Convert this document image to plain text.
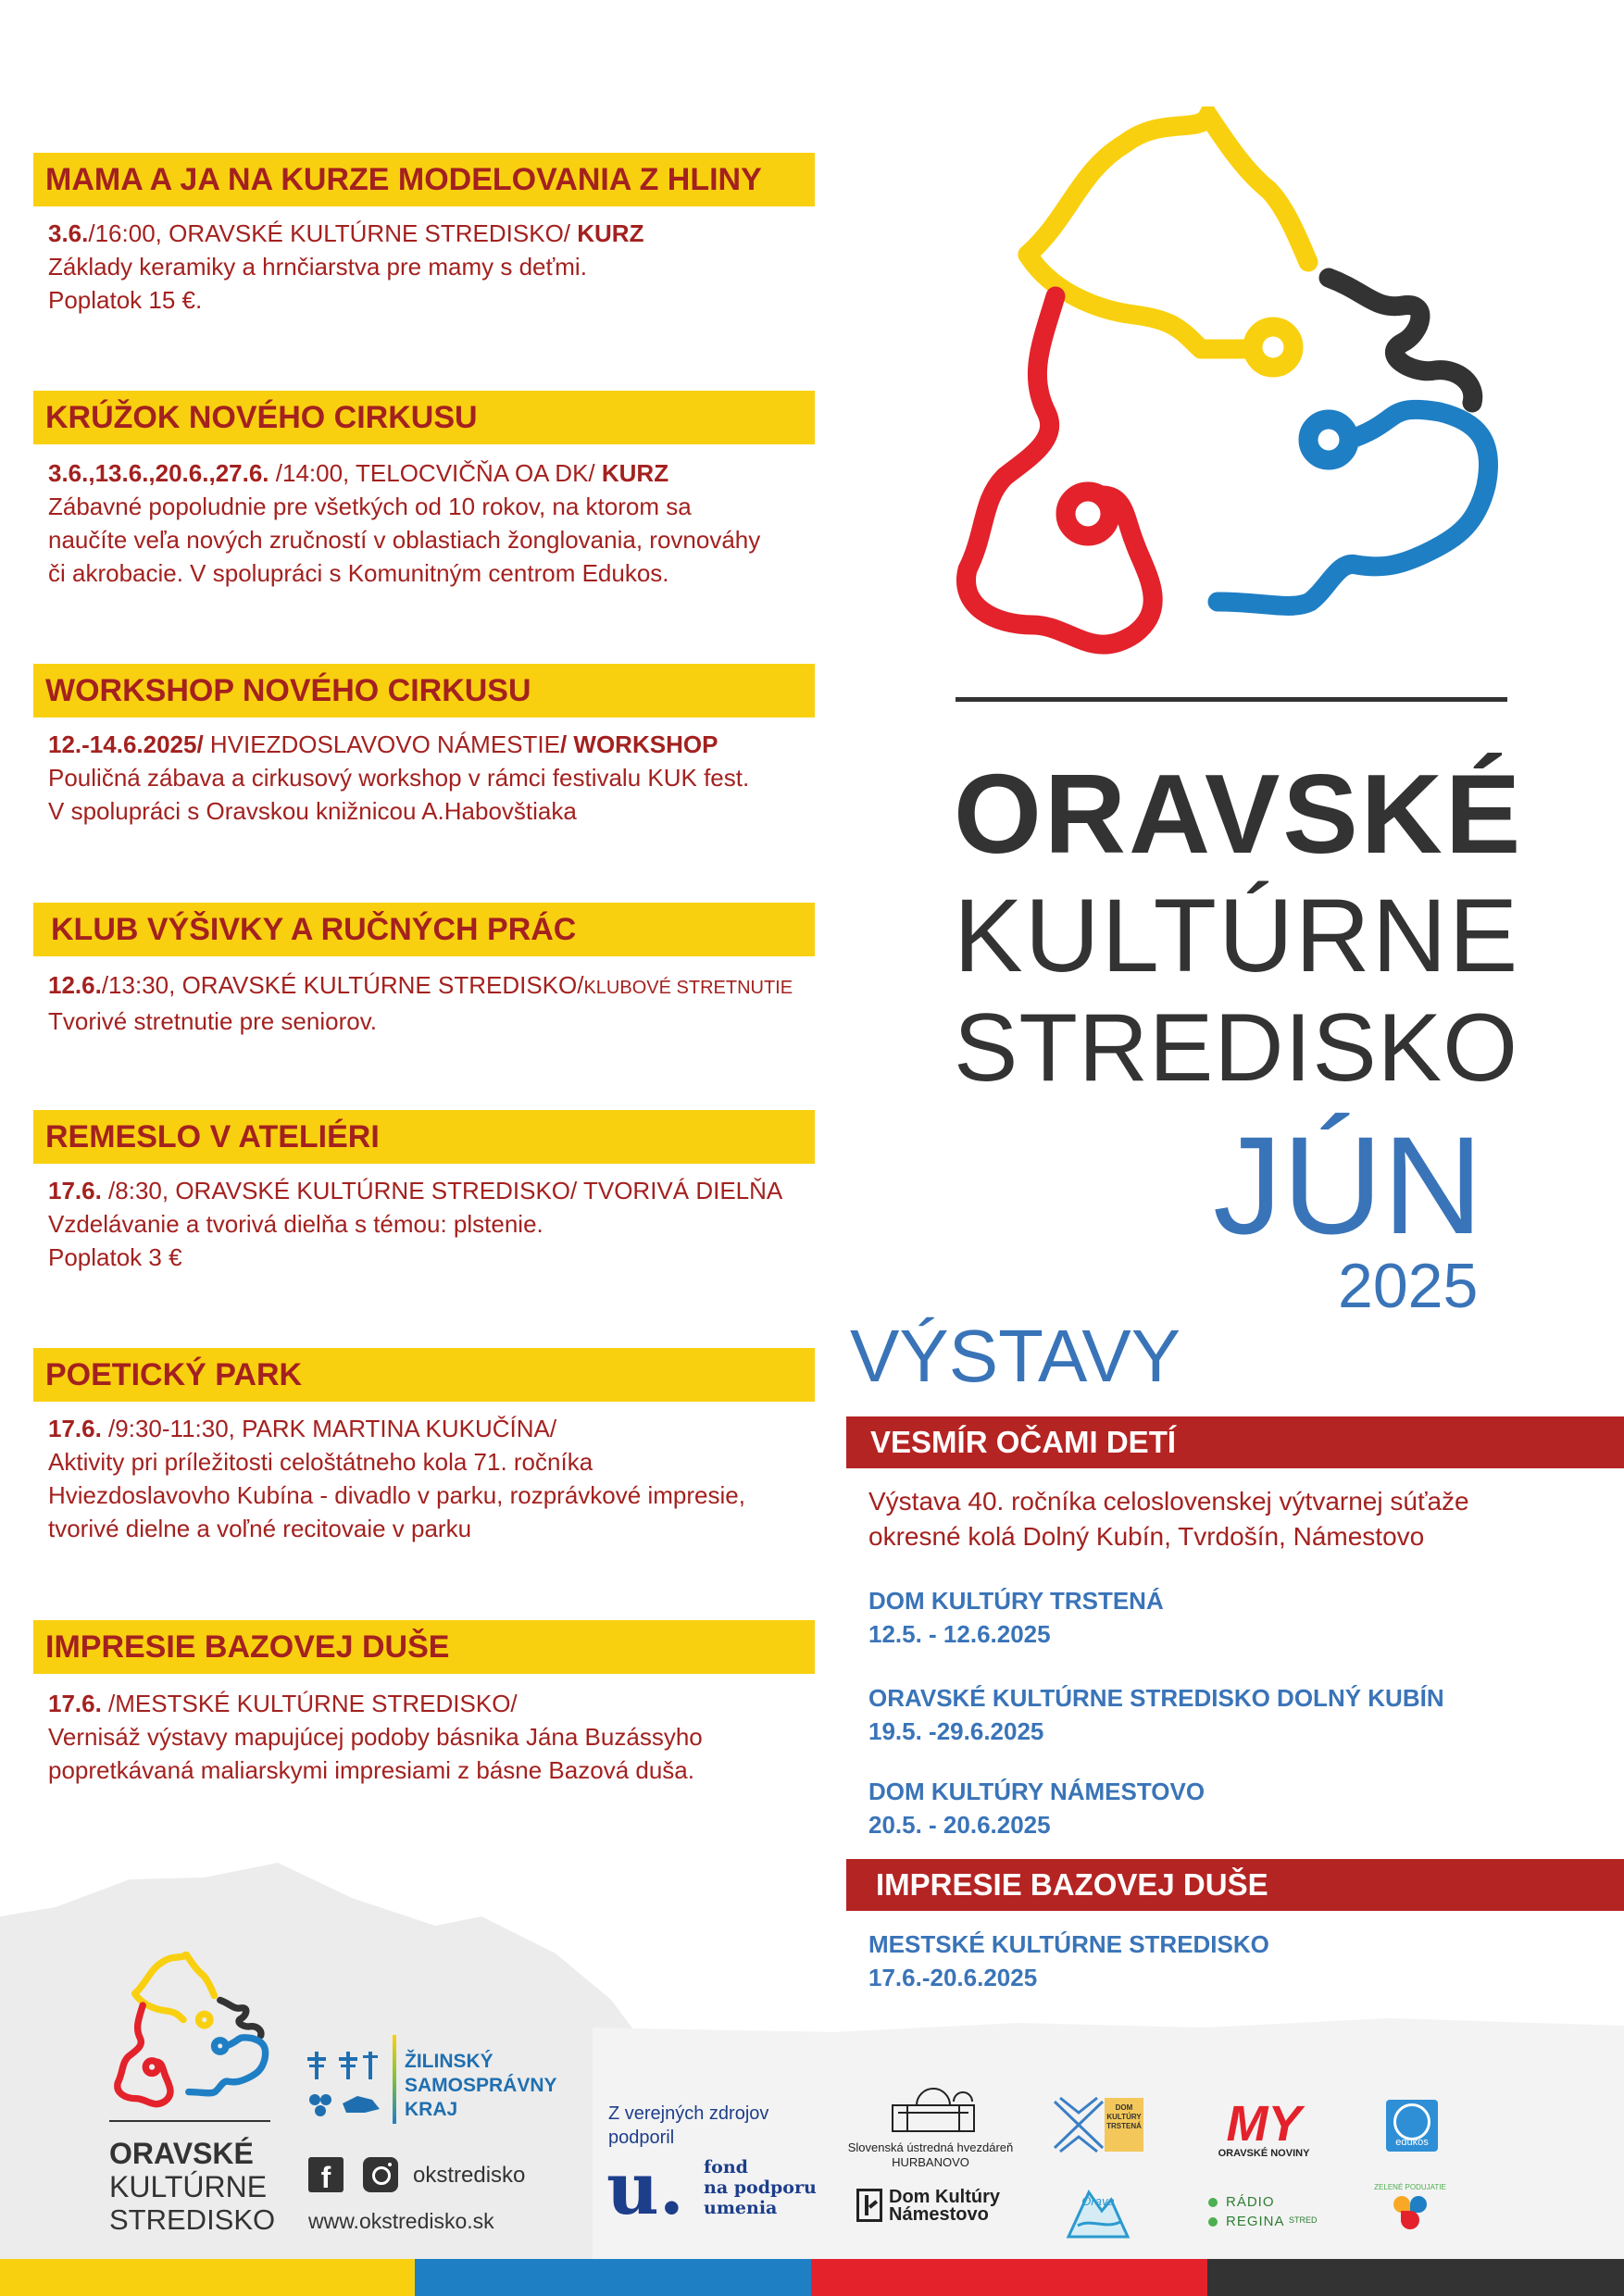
MAMA A JA NA KURZE MODELOVANIA Z HLINY
3.6./16:00, ORAVSKÉ KULTÚRNE STREDISKO/ KURZ

Základy keramiky a hrnčiarstva pre mamy s deťmi.

Poplatok 15 €.

KRÚŽOK NOVÉHO CIRKUSU
3.6.,13.6.,20.6.,27.6. /14:00, TELOCVIČŇA OA DK/ KURZ

Zábavné popoludnie pre všetkých od 10 rokov, na ktorom sa

naučíte veľa nových zručností v oblastiach žonglovania, rovnováhy

či akrobacie. V spolupráci s Komunitným centrom Edukos.

WORKSHOP NOVÉHO CIRKUSU
12.-14.6.2025/ HVIEZDOSLAVOVO NÁMESTIE/ WORKSHOP

Pouličná zábava a cirkusový workshop v rámci festivalu KUK fest.

V spolupráci s Oravskou knižnicou A.Habovštiaka

KLUB VÝŠIVKY A RUČNÝCH PRÁC
12.6./13:30, ORAVSKÉ KULTÚRNE STREDISKO/KLUBOVÉ STRETNUTIE

Tvorivé stretnutie pre seniorov.

REMESLO V ATELIÉRI
17.6. /8:30, ORAVSKÉ KULTÚRNE STREDISKO/ TVORIVÁ DIELŇA

Vzdelávanie a tvorivá dielňa s témou: plstenie.

Poplatok 3 €

POETICKÝ PARK
17.6. /9:30-11:30, PARK MARTINA KUKUČÍNA/

Aktivity pri príležitosti celoštátneho kola 71. ročníka

Hviezdoslavovho Kubína - divadlo v parku, rozprávkové impresie,

tvorivé dielne a voľné recitovaie v parku

IMPRESIE BAZOVEJ DUŠE
17.6. /MESTSKÉ KULTÚRNE STREDISKO/

Vernisáž výstavy mapujúcej podoby básnika Jána Buzássyho

popretkávaná maliarskymi impresiami z básne Bazová duša.

ORAVSKÉ
KULTÚRNE
STREDISKO
JÚN
2025
VÝSTAVY
VESMÍR OČAMI DETÍ

Výstava 40. ročníka celoslovenskej výtvarnej súťaže

okresné kolá Dolný Kubín, Tvrdošín, Námestovo

DOM KULTÚRY TRSTENÁ
12.5. - 12.6.2025
ORAVSKÉ KULTÚRNE STREDISKO DOLNÝ KUBÍN
19.5. -29.6.2025
DOM KULTÚRY NÁMESTOVO
20.5. - 20.6.2025
IMPRESIE BAZOVEJ DUŠE
MESTSKÉ KULTÚRNE STREDISKO
17.6.-20.6.2025
ORAVSKÉ
KULTÚRNE
STREDISKO
ŽILINSKÝ
SAMOSPRÁVNY
KRAJ
f	okstredisko
www.okstredisko.sk
Z verejných zdrojov
podporil
u. fond
na podporu
umenia
Slovenská ústredná hvezdáreň
HURBANOVO
DOM
KULTÚRY
TRSTENÁ MY
ORAVSKÉ NOVINY
edukos
Dom Kultúry
Námestovo
Orava	RÁDIO
REGINA STRED
ZELENÉ PODUJATIE
